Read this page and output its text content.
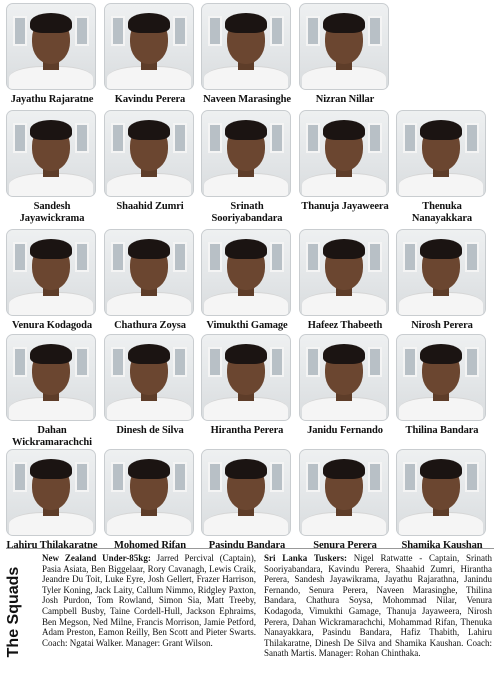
Jayathu Rajaratne	Kavindu Perera	Naveen Marasinghe	Nizran Nillar
Sandesh Jayawickrama
Shaahid Zumri	Srinath Sooriyabandara
Thanuja Jayaweera	Thenuka Nanayakkara
Venura Kodagoda	Chathura Zoysa	Vimukthi Gamage	Hafeez Thabeeth	Nirosh Perera
Dahan Wickramarachchi
Dinesh de Silva	Hirantha Perera	Janidu Fernando	Thilina Bandara
Lahiru Thilakaratne	Mohomed Rifan	Pasindu Bandara	Senura Perera	Shamika Kaushan
The Squads
New Zealand Under-85kg: Jarred Percival (Captain), Pasia Asiata, Ben Biggelaar, Rory Cavanagh, Lewis Craik, Jeandre Du Toit, Luke Eyre, Josh Gellert, Frazer Harrison, Tyler Koning, Jack Laity, Callum Nimmo, Ridgley Paxton, Josh Purdon, Tom Rowland, Simon Sia, Matt Treeby, Campbell Busby, Taine Cordell-Hull, Jackson Ephraims, Ben Megson, Ned Milne, Francis Morrison, Jamie Petford, Adam Preston, Eamon Reilly, Ben Scott and Pieter Swarts. Coach: Ngatai Walker. Manager: Grant Wilson.
Sri Lanka Tuskers: Nigel Ratwatte - Captain, Srinath Sooriyabandara, Kavindu Perera, Shaahid Zumri, Hirantha Perera, Sandesh Jayawikrama, Jayathu Rajarathna, Janindu Fernando, Senura Perera, Naveen Marasinghe, Thilina Bandara, Chathura Soysa, Mohommad Nilar, Venura Kodagoda, Vimukthi Gamage, Thanuja Jayaweera, Nirosh Perera, Dahan Wickramarachchi, Mohammad Rifan, Thenuka Nanayakkara, Pasindu Bandara, Hafiz Thabith, Lahiru Thilakaratne, Dinesh De Silva and Shamika Kaushan. Coach: Sanath Martis. Manager: Rohan Chinthaka.
